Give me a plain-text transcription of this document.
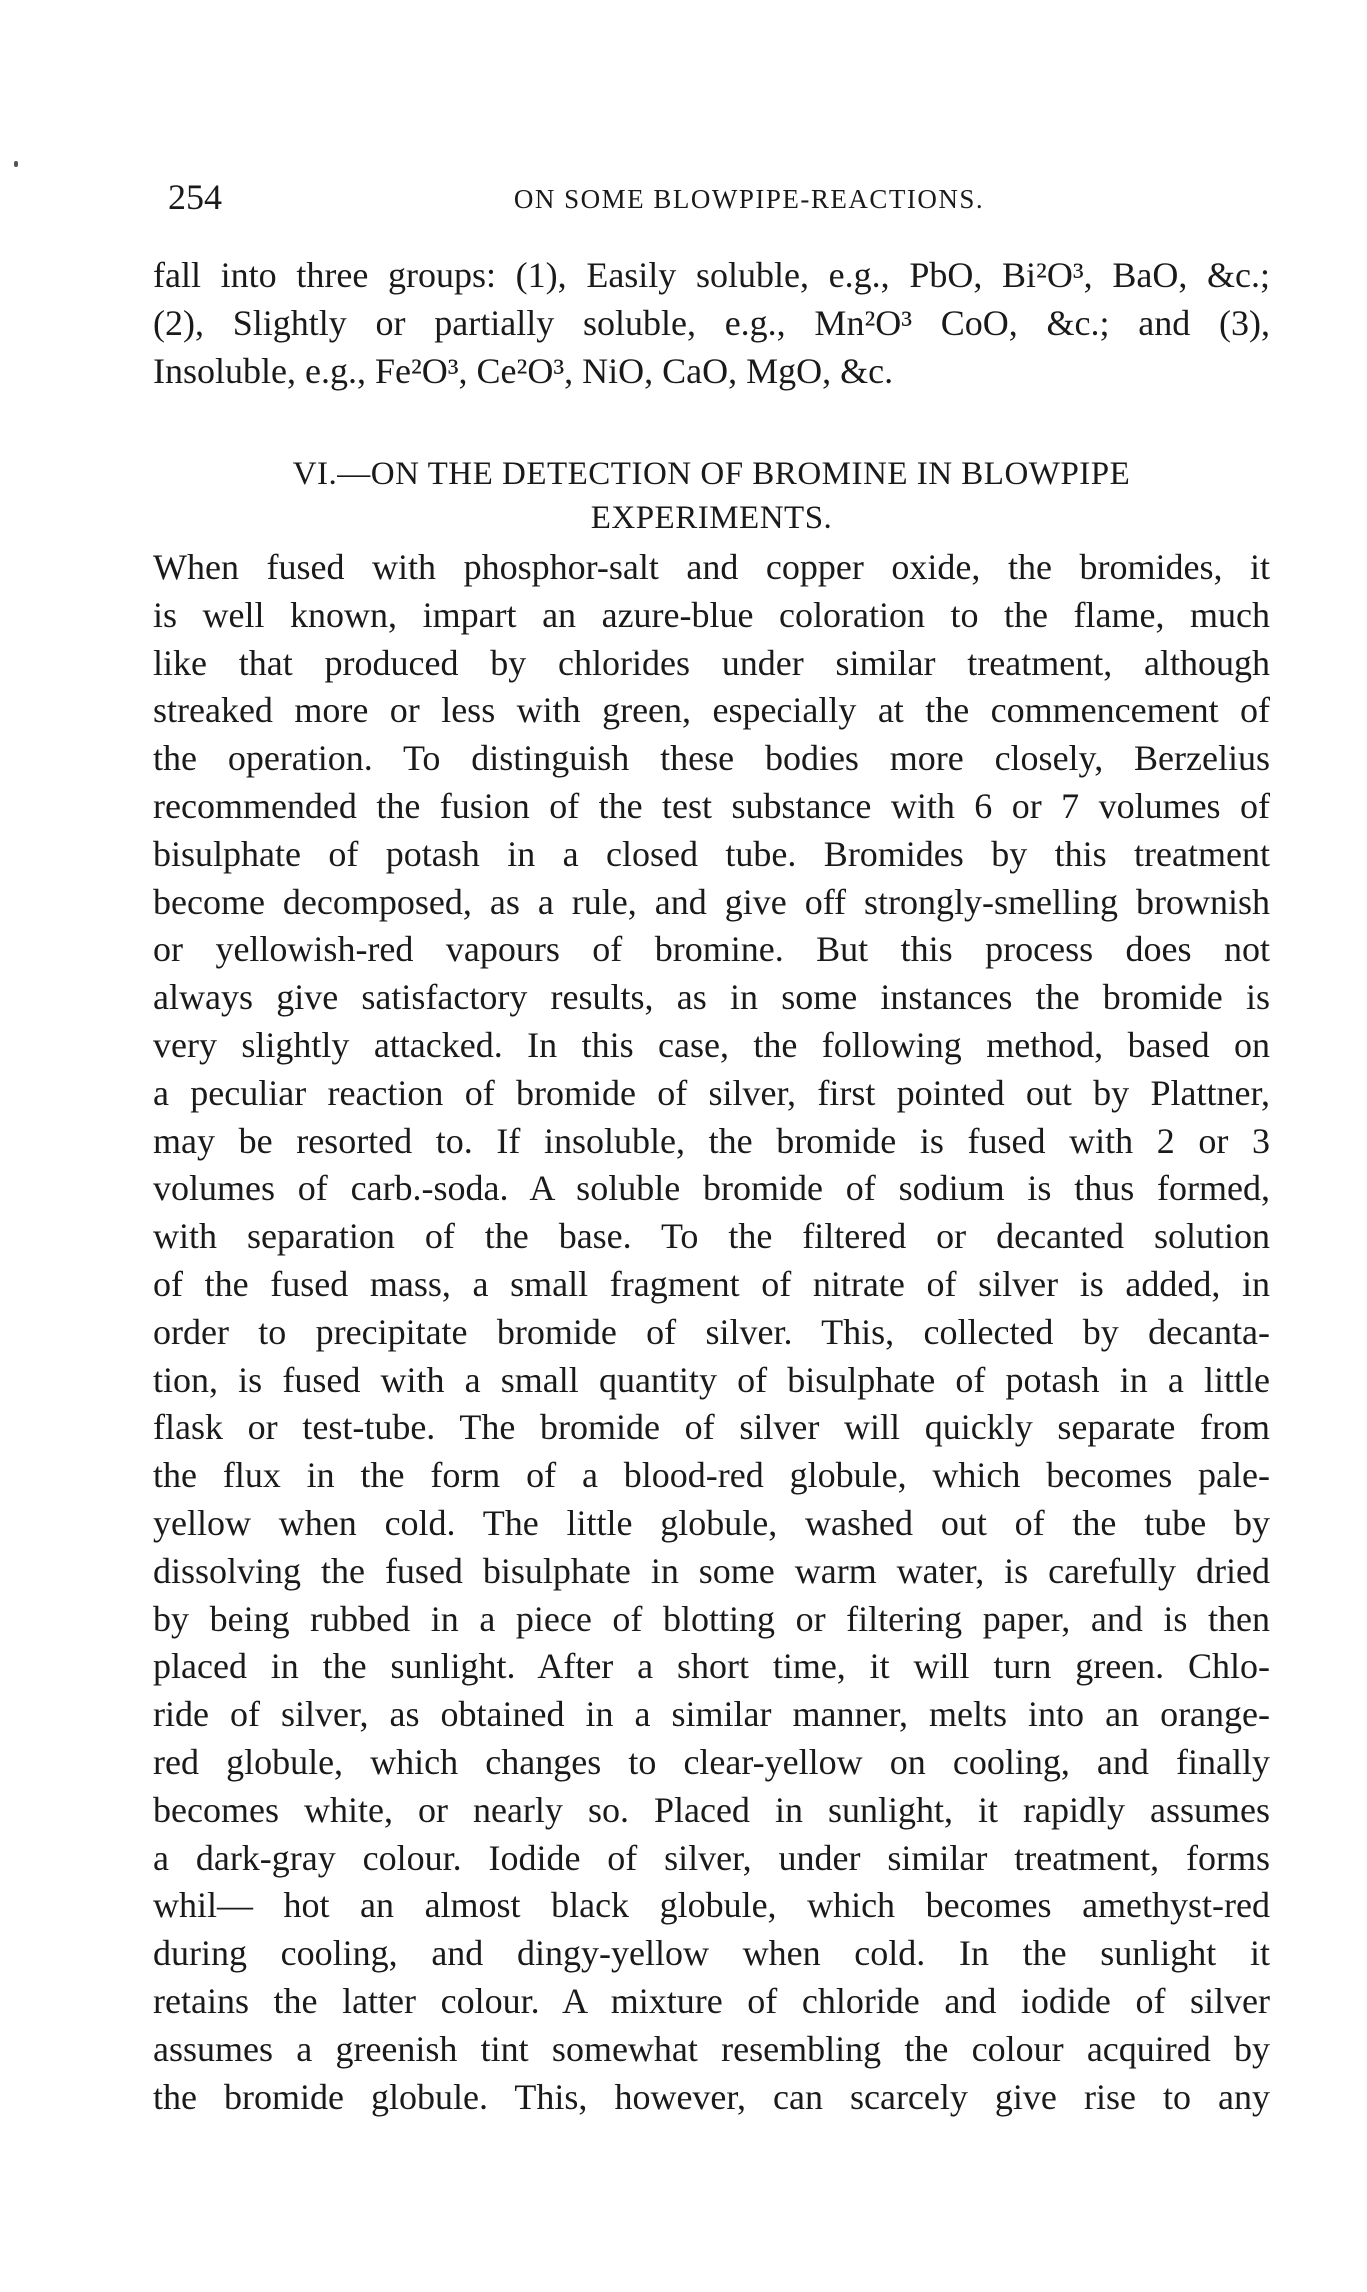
254	ON SOME BLOWPIPE-REACTIONS.
fall into three groups: (1), Easily soluble, e.g., PbO, Bi²O³, BaO, &c.;
(2), Slightly or partially soluble, e.g., Mn²O³ CoO, &c.; and (3),
Insoluble, e.g., Fe²O³, Ce²O³, NiO, CaO, MgO, &c.
VI.—ON THE DETECTION OF BROMINE IN BLOWPIPE
EXPERIMENTS.
When fused with phosphor-salt and copper oxide, the bromides, it
is well known, impart an azure-blue coloration to the flame, much
like that produced by chlorides under similar treatment, although
streaked more or less with green, especially at the commencement of
the operation. To distinguish these bodies more closely, Berzelius
recommended the fusion of the test substance with 6 or 7 volumes of
bisulphate of potash in a closed tube. Bromides by this treatment
become decomposed, as a rule, and give off strongly-smelling brownish
or yellowish-red vapours of bromine. But this process does not
always give satisfactory results, as in some instances the bromide is
very slightly attacked. In this case, the following method, based on
a peculiar reaction of bromide of silver, first pointed out by Plattner,
may be resorted to. If insoluble, the bromide is fused with 2 or 3
volumes of carb.-soda. A soluble bromide of sodium is thus formed,
with separation of the base. To the filtered or decanted solution
of the fused mass, a small fragment of nitrate of silver is added, in
order to precipitate bromide of silver. This, collected by decanta-
tion, is fused with a small quantity of bisulphate of potash in a little
flask or test-tube. The bromide of silver will quickly separate from
the flux in the form of a blood-red globule, which becomes pale-
yellow when cold. The little globule, washed out of the tube by
dissolving the fused bisulphate in some warm water, is carefully dried
by being rubbed in a piece of blotting or filtering paper, and is then
placed in the sunlight. After a short time, it will turn green. Chlo-
ride of silver, as obtained in a similar manner, melts into an orange-
red globule, which changes to clear-yellow on cooling, and finally
becomes white, or nearly so. Placed in sunlight, it rapidly assumes
a dark-gray colour. Iodide of silver, under similar treatment, forms
whil— hot an almost black globule, which becomes amethyst-red
during cooling, and dingy-yellow when cold. In the sunlight it
retains the latter colour. A mixture of chloride and iodide of silver
assumes a greenish tint somewhat resembling the colour acquired by
the bromide globule. This, however, can scarcely give rise to any
